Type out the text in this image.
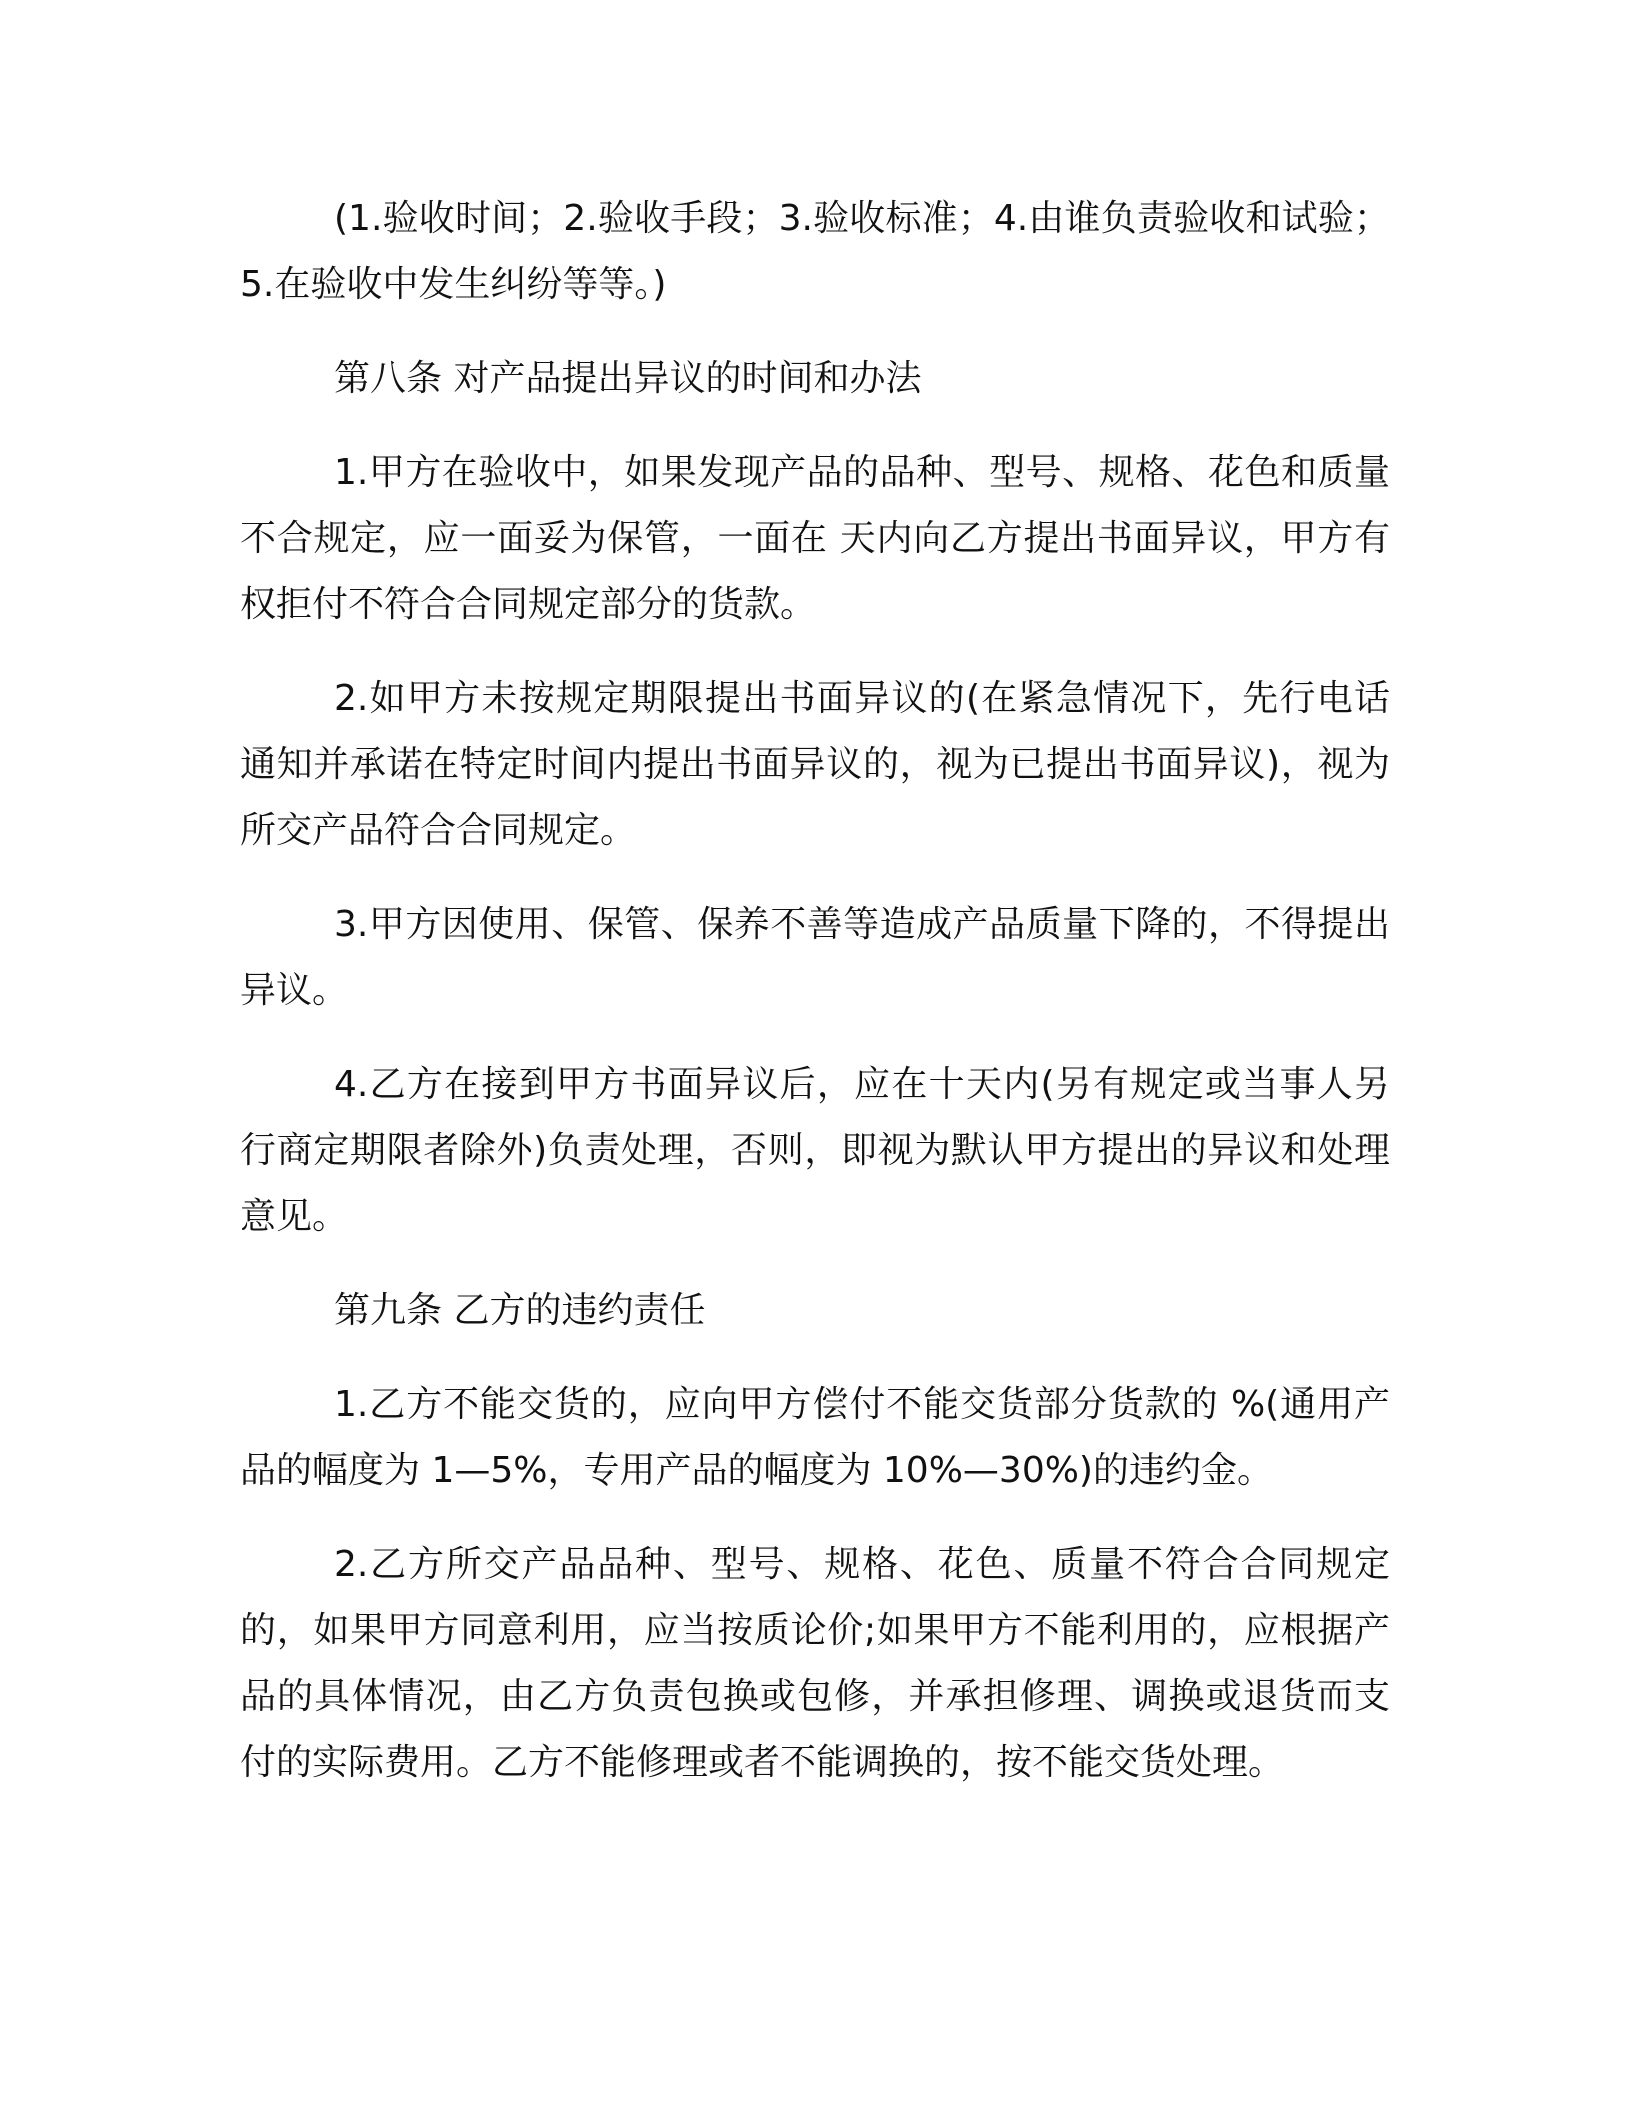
(1.验收时间；2.验收手段；3.验收标准；4.由谁负责验收和试验；5.在验收中发生纠纷等等。)

第八条 对产品提出异议的时间和办法

1.甲方在验收中，如果发现产品的品种、型号、规格、花色和质量不合规定，应一面妥为保管，一面在 天内向乙方提出书面异议，甲方有权拒付不符合合同规定部分的货款。

2.如甲方未按规定期限提出书面异议的(在紧急情况下，先行电话通知并承诺在特定时间内提出书面异议的，视为已提出书面异议)，视为所交产品符合合同规定。

3.甲方因使用、保管、保养不善等造成产品质量下降的，不得提出异议。

4.乙方在接到甲方书面异议后，应在十天内(另有规定或当事人另行商定期限者除外)负责处理，否则，即视为默认甲方提出的异议和处理意见。

第九条 乙方的违约责任

1.乙方不能交货的，应向甲方偿付不能交货部分货款的 %(通用产品的幅度为 1—5%，专用产品的幅度为 10%—30%)的违约金。

2.乙方所交产品品种、型号、规格、花色、质量不符合合同规定的，如果甲方同意利用，应当按质论价;如果甲方不能利用的，应根据产品的具体情况，由乙方负责包换或包修，并承担修理、调换或退货而支付的实际费用。乙方不能修理或者不能调换的，按不能交货处理。
